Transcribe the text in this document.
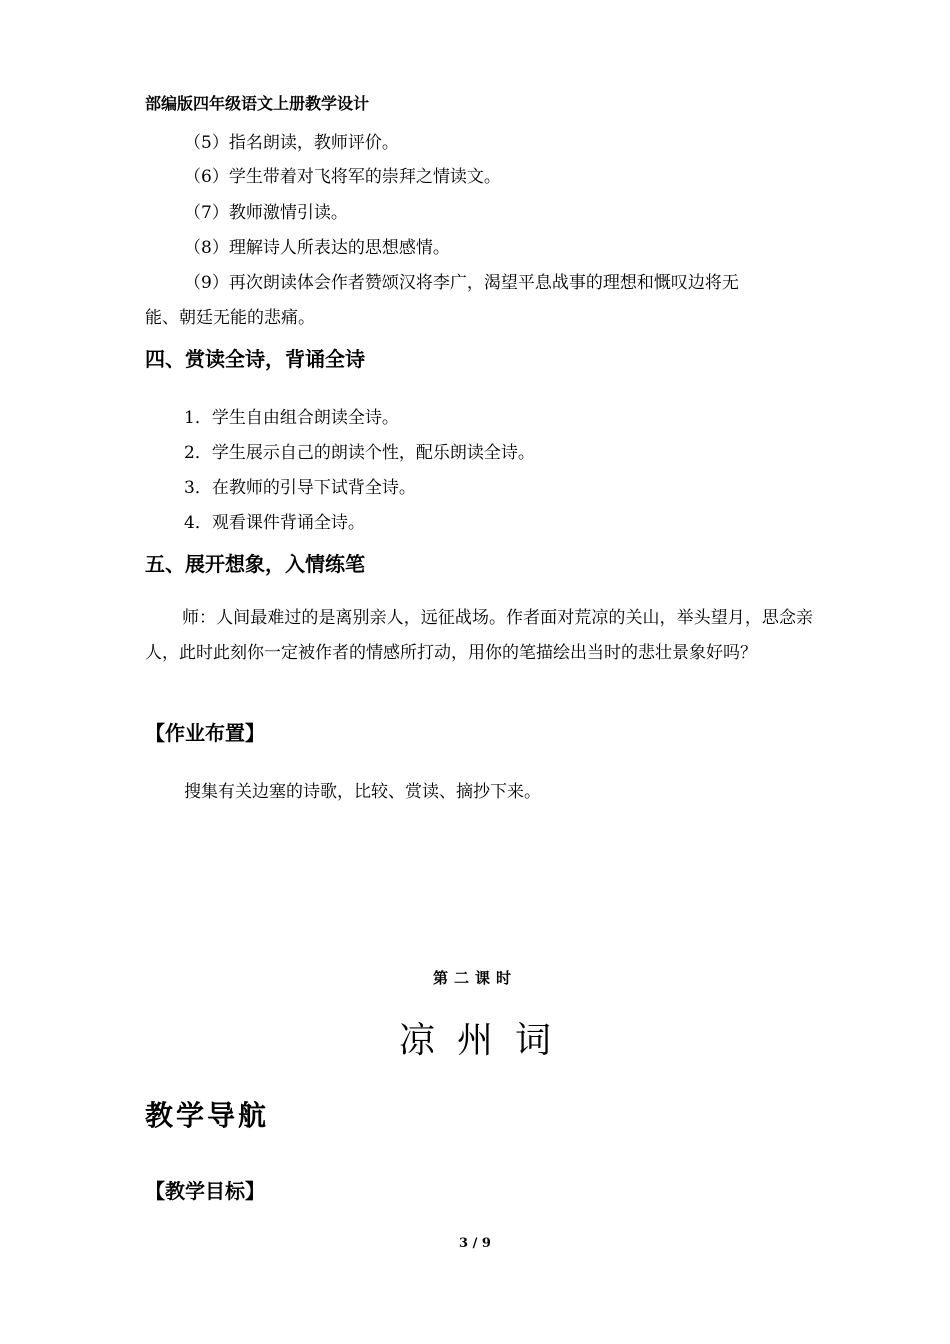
部编版四年级语文上册教学设计
（5）指名朗读，教师评价。
（6）学生带着对飞将军的崇拜之情读文。
（7）教师激情引读。
（8）理解诗人所表达的思想感情。
（9）再次朗读体会作者赞颂汉将李广，渴望平息战事的理想和慨叹边将无
能、朝廷无能的悲痛。
四、赏读全诗，背诵全诗
1．学生自由组合朗读全诗。
2．学生展示自己的朗读个性，配乐朗读全诗。
3．在教师的引导下试背全诗。
4．观看课件背诵全诗。
五、展开想象，入情练笔
师：人间最难过的是离别亲人，远征战场。作者面对荒凉的关山，举头望月，思念亲人，此时此刻你一定被作者的情感所打动，用你的笔描绘出当时的悲壮景象好吗？
【作业布置】
搜集有关边塞的诗歌，比较、赏读、摘抄下来。
第二课时
凉州词
教学导航
【教学目标】
3 / 9
